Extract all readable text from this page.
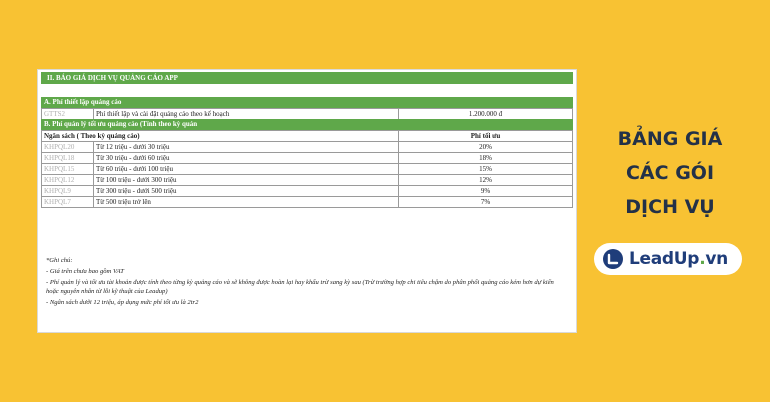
II. BÁO GIÁ DỊCH VỤ QUẢNG CÁO APP
A. Phí thiết lập quảng cáo
GTTS2	Phí thiết lập và cài đặt quảng cáo theo kế hoạch	1.200.000 đ
B. Phí quản lý tối ưu quảng cáo (Tính theo kỳ quản
Ngân sách ( Theo kỳ quảng cáo)		Phí tối ưu
KHPQL20	Từ 12 triệu - dưới 30 triệu	20%
KHPQL18	Từ 30 triệu - dưới 60 triệu	18%
KHPQL15	Từ 60 triệu - dưới 100 triệu	15%
KHPQL12	Từ 100 triệu - dưới 300 triệu	12%
KHPQL9	Từ 300 triệu - dưới 500 triệu	9%
KHPQL7	Từ 500 triệu trở lên	7%
*Ghi chú:
- Giá trên chưa bao gồm VAT
- Phí quản lý và tối ưu tài khoản được tính theo từng kỳ quảng cáo và sẽ không được hoàn lại hay khấu trừ sang kỳ sau (Trừ trường hợp chi tiêu chậm do phân phối quảng cáo kém hơn dự kiến hoặc nguyên nhân từ lỗi kỹ thuật của Leadup)
- Ngân sách dưới 12 triệu, áp dụng mức phí tối ưu là 2tr2
BẢNG GIÁ
CÁC GÓI
DỊCH VỤ
LeadUp.vn
